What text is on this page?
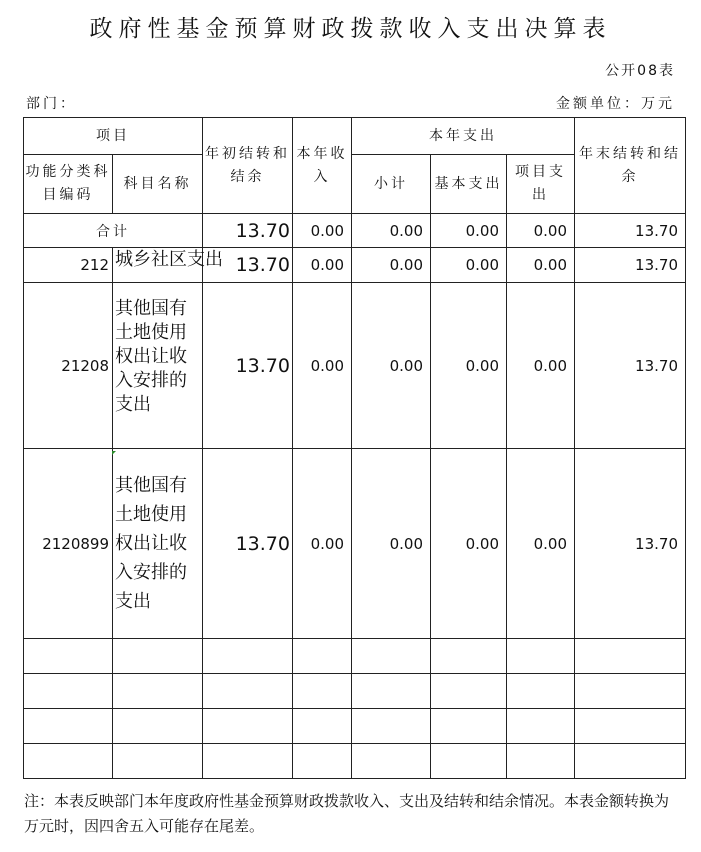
政府性基金预算财政拨款收入支出决算表
公开08表
部门：	金额单位：万元
项目		年初结转和结余	本年收入	本年支出			年末结转和结余
功能分类科目编码	科目名称			小计	基本支出	项目支出	
合计		13.70	0.00	0.00	0.00	0.00	13.70
212	城乡社区支出	13.70	0.00	0.00	0.00	0.00	13.70
21208	其他国有土地使用权出让收入安排的支出	13.70	0.00	0.00	0.00	0.00	13.70
2120899	其他国有土地使用权出让收入安排的支出	13.70	0.00	0.00	0.00	0.00	13.70

注：本表反映部门本年度政府性基金预算财政拨款收入、支出及结转和结余情况。本表金额转换为万元时，因四舍五入可能存在尾差。
